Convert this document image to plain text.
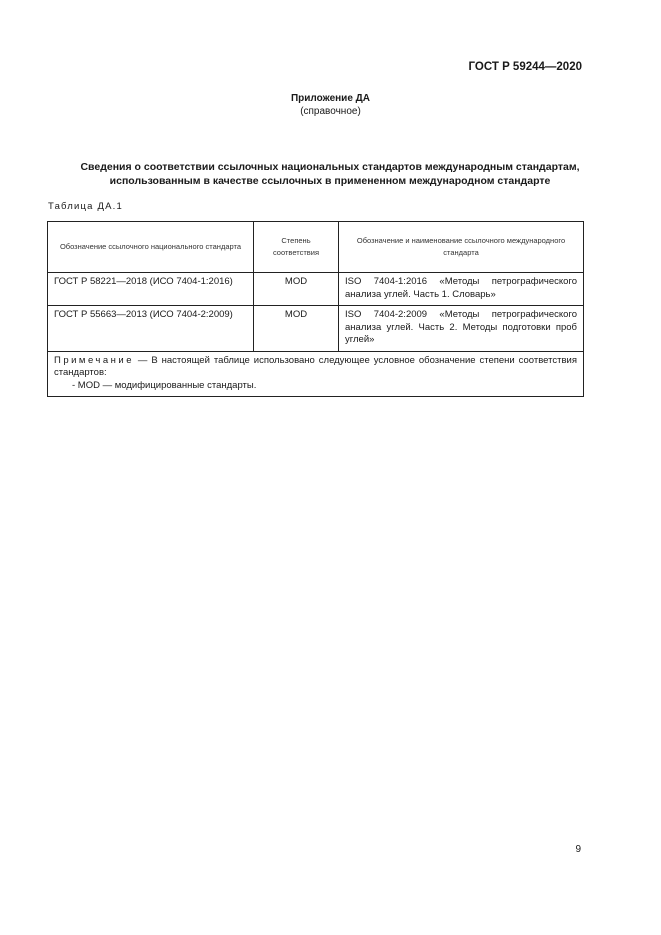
ГОСТ Р 59244—2020
Приложение ДА
(справочное)
Сведения о соответствии ссылочных национальных стандартов международным стандартам,
использованным в качестве ссылочных в примененном международном стандарте
Таблица ДА.1
Обозначение ссылочного национального стандарта	Степень соответствия	Обозначение и наименование ссылочного международного стандарта
ГОСТ Р 58221—2018 (ИСО 7404-1:2016)	MOD	ISO 7404-1:2016 «Методы петрографического анализа углей. Часть 1. Словарь»
ГОСТ Р 55663—2013 (ИСО 7404-2:2009)	MOD	ISO 7404-2:2009 «Методы петрографического анализа углей. Часть 2. Методы подготовки проб углей»
Примечание — В настоящей таблице использовано следующее условное обозначение степени соответствия стандартов:
- MOD — модифицированные стандарты.		
9
